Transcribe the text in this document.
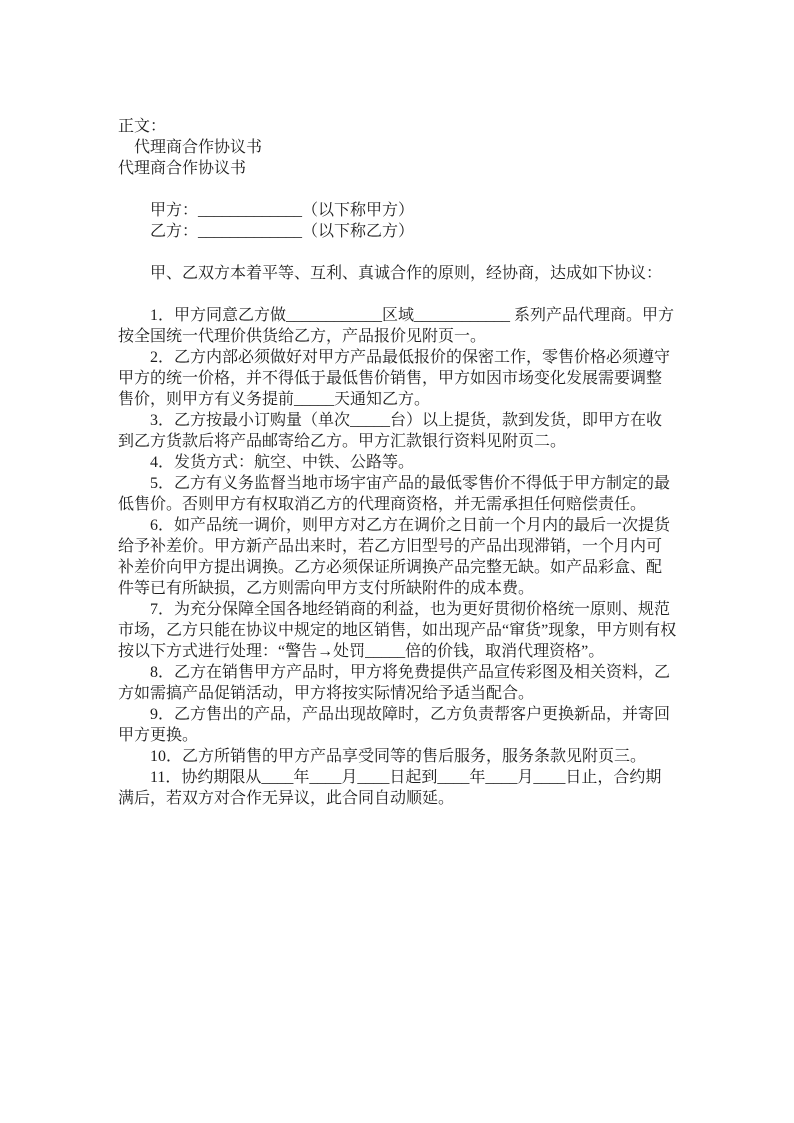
正文：

代理商合作协议书

代理商合作协议书

甲方：_____________（以下称甲方）

乙方：_____________（以下称乙方）

甲、乙双方本着平等、互利、真诚合作的原则，经协商，达成如下协议：

1．甲方同意乙方做____________区域____________ 系列产品代理商。甲方按全国统一代理价供货给乙方，产品报价见附页一。

2．乙方内部必须做好对甲方产品最低报价的保密工作，零售价格必须遵守甲方的统一价格，并不得低于最低售价销售，甲方如因市场变化发展需要调整售价，则甲方有义务提前_____天通知乙方。

3．乙方按最小订购量（单次_____台）以上提货，款到发货，即甲方在收到乙方货款后将产品邮寄给乙方。甲方汇款银行资料见附页二。

4．发货方式：航空、中铁、公路等。

5．乙方有义务监督当地市场宇宙产品的最低零售价不得低于甲方制定的最低售价。否则甲方有权取消乙方的代理商资格，并无需承担任何赔偿责任。

6．如产品统一调价，则甲方对乙方在调价之日前一个月内的最后一次提货给予补差价。甲方新产品出来时，若乙方旧型号的产品出现滞销，一个月内可补差价向甲方提出调换。乙方必须保证所调换产品完整无缺。如产品彩盒、配件等已有所缺损，乙方则需向甲方支付所缺附件的成本费。

7．为充分保障全国各地经销商的利益，也为更好贯彻价格统一原则、规范市场，乙方只能在协议中规定的地区销售，如出现产品“窜货”现象，甲方则有权按以下方式进行处理：“警告→处罚_____倍的价钱，取消代理资格”。

8．乙方在销售甲方产品时，甲方将免费提供产品宣传彩图及相关资料，乙方如需搞产品促销活动，甲方将按实际情况给予适当配合。

9．乙方售出的产品，产品出现故障时，乙方负责帮客户更换新品，并寄回甲方更换。

10．乙方所销售的甲方产品享受同等的售后服务，服务条款见附页三。

11．协约期限从____年____月____日起到____年____月____日止，合约期满后，若双方对合作无异议，此合同自动顺延。
